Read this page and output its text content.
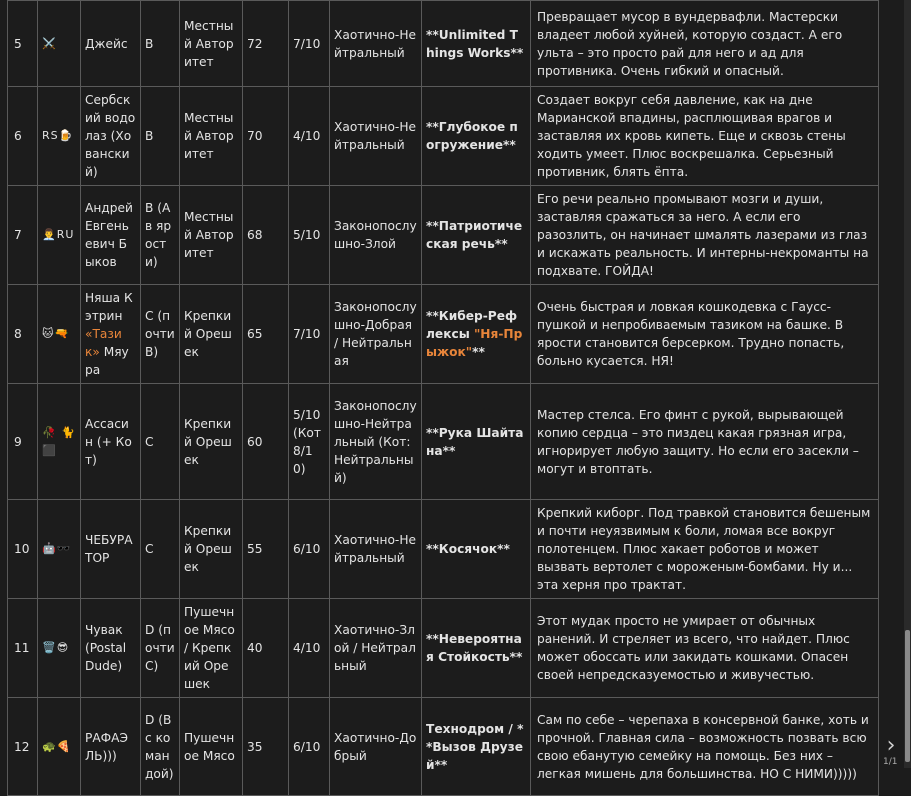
5	⚔️	Джейс	B	Местный Авторитет	72	7/10	Хаотично-Нейтральный	**Unlimited Things Works**	Превращает мусор в вундервафли. Мастерски владеет любой хуйней, которую создаст. А его ульта – это просто рай для него и ад для противника. Очень гибкий и опасный.
6	RS🍺	Сербский водолаз (Хованский)	B	Местный Авторитет	70	4/10	Хаотично-Нейтральный	**Глубокое погружение**	Создает вокруг себя давление, как на дне Марианской впадины, расплющивая врагов и заставляя их кровь кипеть. Еще и сквозь стены ходить умеет. Плюс воскрешалка. Серьезный противник, блять ёпта.
7	👨‍💼RU	Андрей Евгеньевич Быков	B (А в ярости)	Местный Авторитет	68	5/10	Законопослушно-Злой	**Патриотическая речь**	Его речи реально промывают мозги и души, заставляя сражаться за него. А если его разозлить, он начинает шмалять лазерами из глаз и искажать реальность. И интерны-некроманты на подхвате. ГОЙДА!
8	🐱🔫	Няша Кэтрин «Тазик» Мяура	C (почти B)	Крепкий Орешек	65	7/10	Законопослушно-Добрая / Нейтральная	**Кибер-Рефлексы "Ня-Прыжок"**	Очень быстрая и ловкая кошкодевка с Гаусс-пушкой и непробиваемым тазиком на башке. В ярости становится берсерком. Трудно попасть, больно кусается. НЯ!
9	🥀 🐈⬛	Ассасин (+ Кот)	C	Крепкий Орешек	60	5/10 (Кот 8/10)	Законопослушно-Нейтральный (Кот: Нейтральный)	**Рука Шайтана**	Мастер стелса. Его финт с рукой, вырывающей копию сердца – это пиздец какая грязная игра, игнорирует любую защиту. Но если его засекли – могут и втоптать.
10	🤖🕶️	ЧЕБУРАТОР	C	Крепкий Орешек	55	6/10	Хаотично-Нейтральный	**Косячок**	Крепкий киборг. Под травкой становится бешеным и почти неуязвимым к боли, ломая все вокруг полотенцем. Плюс хакает роботов и может вызвать вертолет с мороженым-бомбами. Ну и... эта херня про трактат.
11	🗑️😎	Чувак (Postal Dude)	D (почти C)	Пушечное Мясо / Крепкий Орешек	40	4/10	Хаотично-Злой / Нейтральный	**Невероятная Стойкость**	Этот мудак просто не умирает от обычных ранений. И стреляет из всего, что найдет. Плюс может обоссать или закидать кошками. Опасен своей непредсказуемостью и живучестью.
12	🐢🍕	РАФАЭЛЬ)))	D (В с командой)	Пушечное Мясо	35	6/10	Хаотично-Добрый	Технодром / **Вызов Друзей**	Сам по себе – черепаха в консервной банке, хоть и прочной. Главная сила – возможность позвать всю свою ебанутую семейку на помощь. Без них – легкая мишень для большинства. НО С НИМИ)))))
›
1/1
